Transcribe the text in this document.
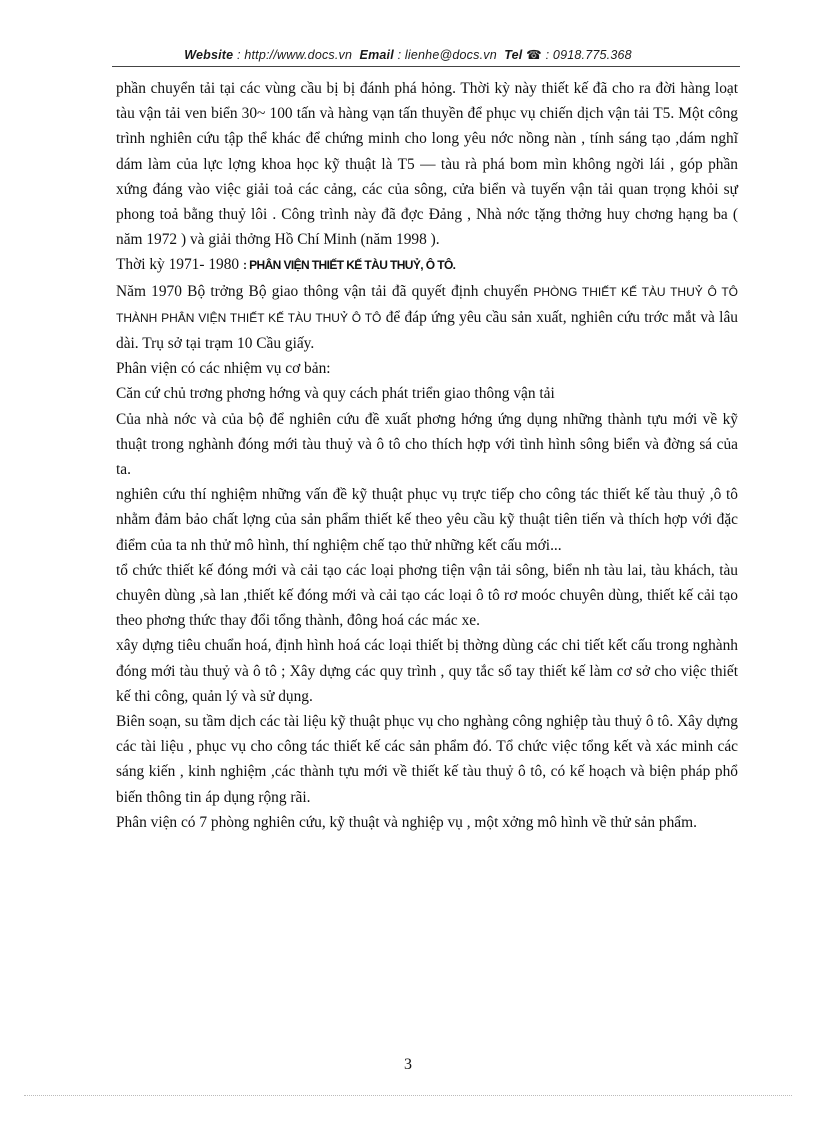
Website : http://www.docs.vn Email : lienhe@docs.vn Tel ☎ : 0918.775.368

phần chuyển tải tại các vùng cầu bị bị đánh phá hỏng. Thời kỳ này thiết kế đã cho ra đời hàng loạt tàu vận tải ven biển 30~ 100 tấn và hàng vạn tấn thuyền để phục vụ chiến dịch vận tải T5. Một công trình nghiên cứu tập thể khác để chứng minh cho long yêu nớc nồng nàn , tính sáng tạo ,dám nghĩ dám làm của lực lợng khoa học kỹ thuật là T5 — tàu rà phá bom mìn không ngời lái , góp phần xứng đáng vào việc giải toả các cảng, các của sông, cửa biển và tuyến vận tải quan trọng khỏi sự phong toả bằng thuỷ lôi . Công trình này đã đợc Đảng , Nhà nớc tặng thởng huy chơng hạng ba ( năm 1972 ) và giải thởng Hồ Chí Minh (năm 1998 ).

Thời kỳ 1971- 1980 : PHÂN VIỆN THIẾT KẾ TÀU THUỶ, Ô TÔ.

Năm 1970 Bộ trởng Bộ giao thông vận tải đã quyết định chuyển PHÒNG THIẾT KẾ TÀU THUỶ Ô TÔ THÀNH PHÂN VIỆN THIẾT KẾ TÀU THUỶ Ô TÔ để đáp ứng yêu cầu sản xuất, nghiên cứu trớc mắt và lâu dài. Trụ sở tại trạm 10 Cầu giấy.

Phân viện có các nhiệm vụ cơ bản:

Căn cứ chủ trơng phơng hớng và quy cách phát triển giao thông vận tải

Của nhà nớc và của bộ để nghiên cứu đề xuất phơng hớng ứng dụng những thành tựu mới về kỹ thuật trong nghành đóng mới tàu thuỷ và ô tô cho thích hợp với tình hình sông biển và đờng sá của ta.

nghiên cứu thí nghiệm những vấn đề kỹ thuật phục vụ trực tiếp cho công tác thiết kế tàu thuỷ ,ô tô nhằm đảm bảo chất lợng của sản phẩm thiết kế theo yêu cầu kỹ thuật tiên tiến và thích hợp với đặc điểm của ta nh thử mô hình, thí nghiệm chế tạo thử những kết cấu mới...

tổ chức thiết kế đóng mới và cải tạo các loại phơng tiện vận tải sông, biển nh tàu lai, tàu khách, tàu chuyên dùng ,sà lan ,thiết kế đóng mới và cải tạo các loại ô tô rơ moóc chuyên dùng, thiết kế cải tạo theo phơng thức thay đổi tổng thành, đông hoá các mác xe.

xây dựng tiêu chuẩn hoá, định hình hoá các loại thiết bị thờng dùng các chi tiết kết cấu trong nghành đóng mới tàu thuỷ và ô tô ; Xây dựng các quy trình , quy tắc sổ tay thiết kế làm cơ sở cho việc thiết kế thi công, quản lý và sử dụng.

Biên soạn, su tầm dịch các tài liệu kỹ thuật phục vụ cho nghàng công nghiệp tàu thuỷ ô tô. Xây dựng các tài liệu , phục vụ cho công tác thiết kế các sản phẩm đó. Tổ chức việc tổng kết và xác minh các sáng kiến , kinh nghiệm ,các thành tựu mới về thiết kế tàu thuỷ ô tô, có kế hoạch và biện pháp phổ biến thông tin áp dụng rộng rãi.

Phân viện có 7 phòng nghiên cứu, kỹ thuật và nghiệp vụ , một xởng mô hình về thử sản phẩm.

3
